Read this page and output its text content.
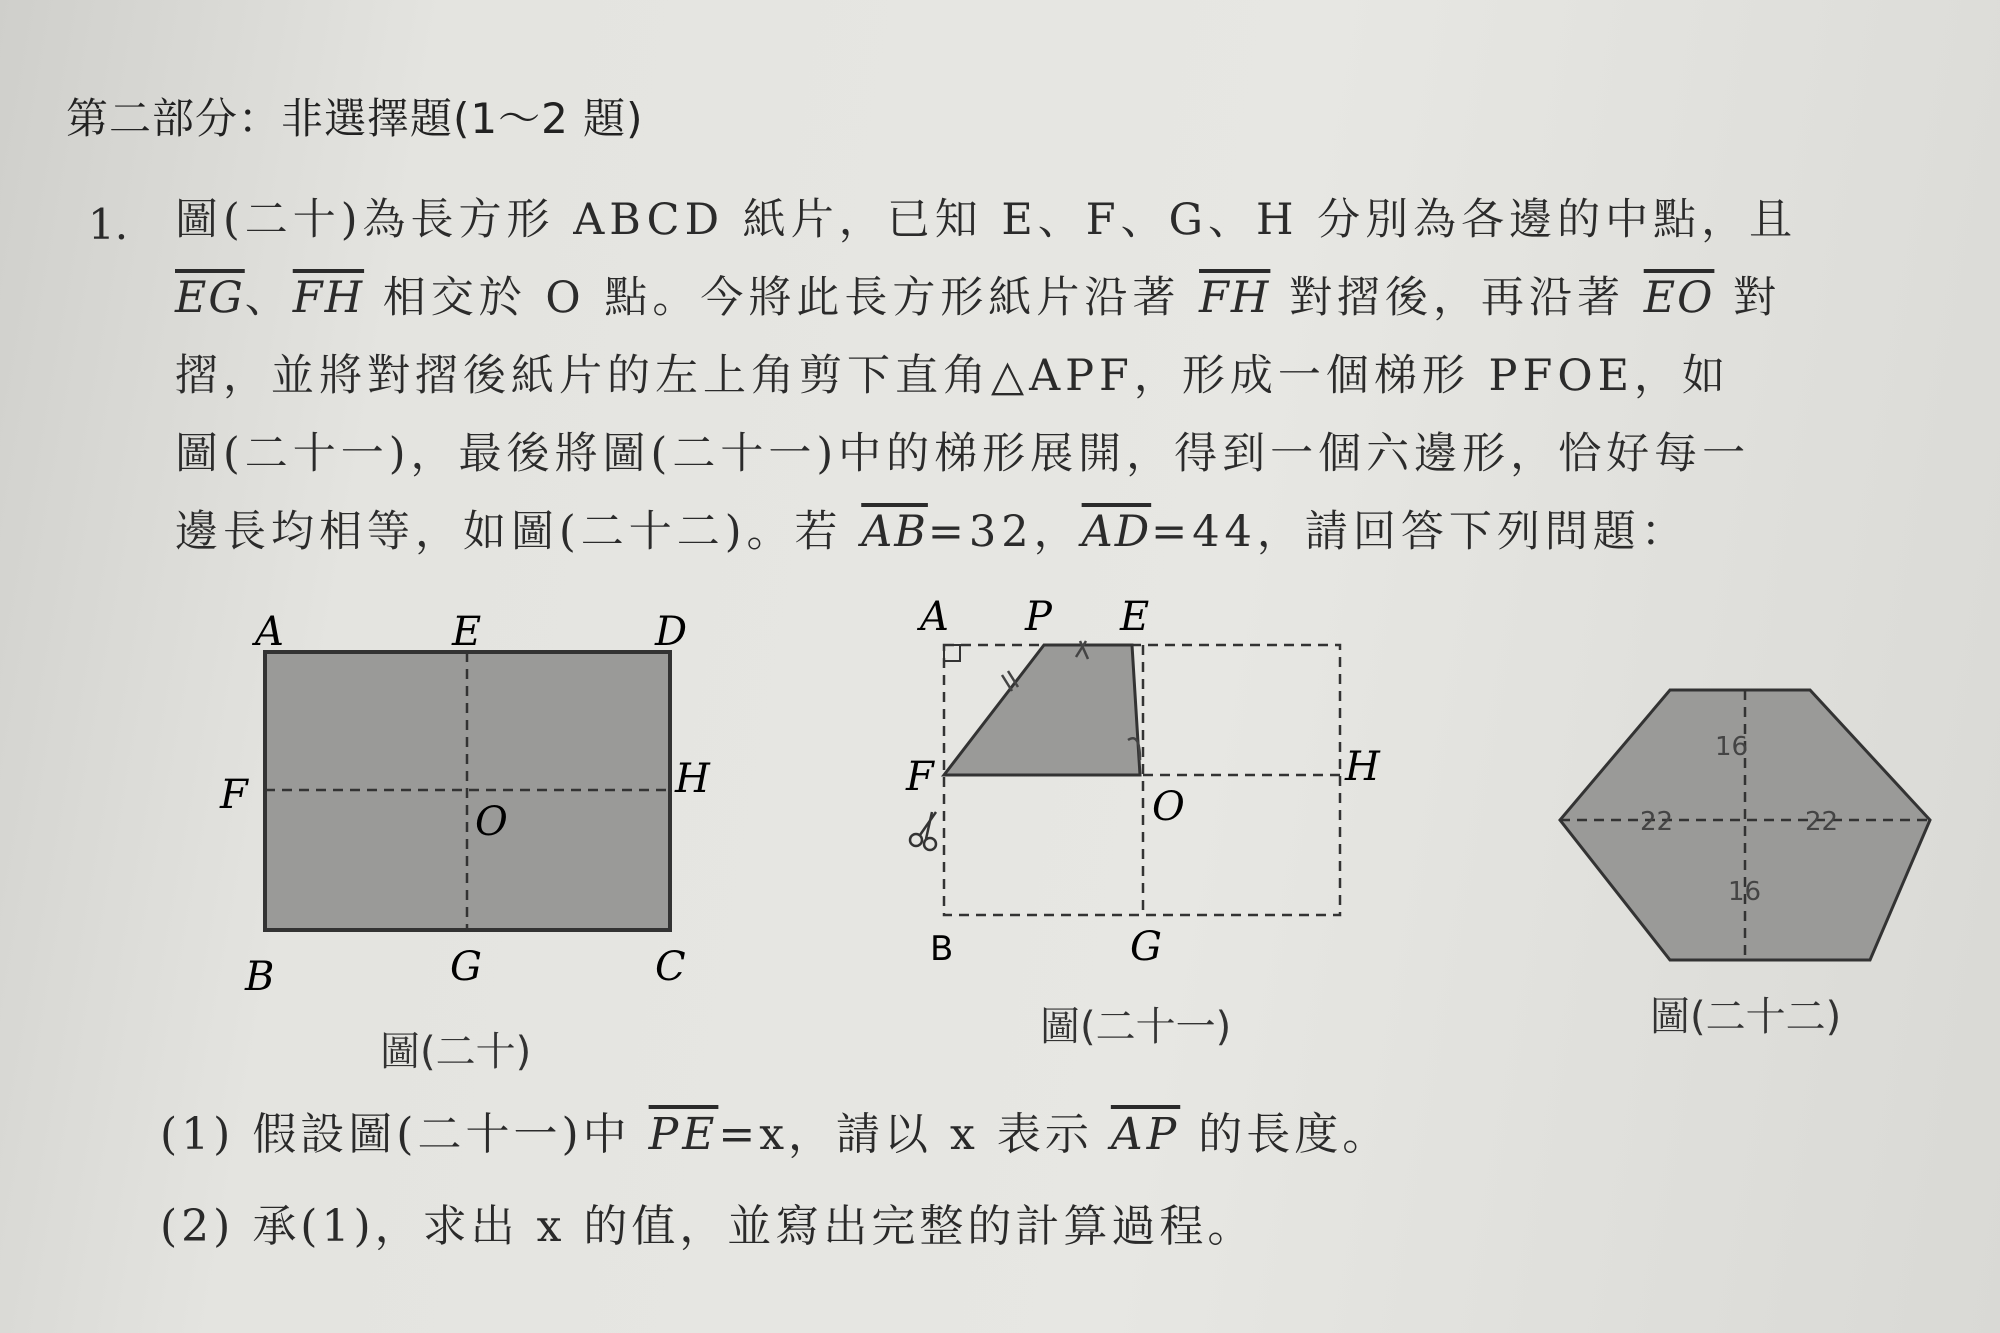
第二部分：非選擇題(1～2 題)
1. 圖(二十)為長方形 ABCD 紙片，已知 E、F、G、H 分別為各邊的中點，且
$\overline{EG}$、$\overline{FH}$ 相交於 O 點。今將此長方形紙片沿著 $\overline{FH}$ 對摺後，再沿著 $\overline{EO}$ 對
摺，並將對摺後紙片的左上角剪下直角△APF，形成一個梯形 PFOE，如
圖(二十一)，最後將圖(二十一)中的梯形展開，得到一個六邊形，恰好每一
邊長均相等，如圖(二十二)。若 $\overline{AB}=32$，$\overline{AD}=44$，請回答下列問題：
A	E	D
F	H
O
B	G	C
圖(二十)
A P E
F	H
O
B	G
圖(二十一)
16
22	22
16
圖(二十二)
(1) 假設圖(二十一)中 $\overline{PE}=x$，請以 x 表示 $\overline{AP}$ 的長度。
(2) 承(1)，求出 x 的值，並寫出完整的計算過程。
